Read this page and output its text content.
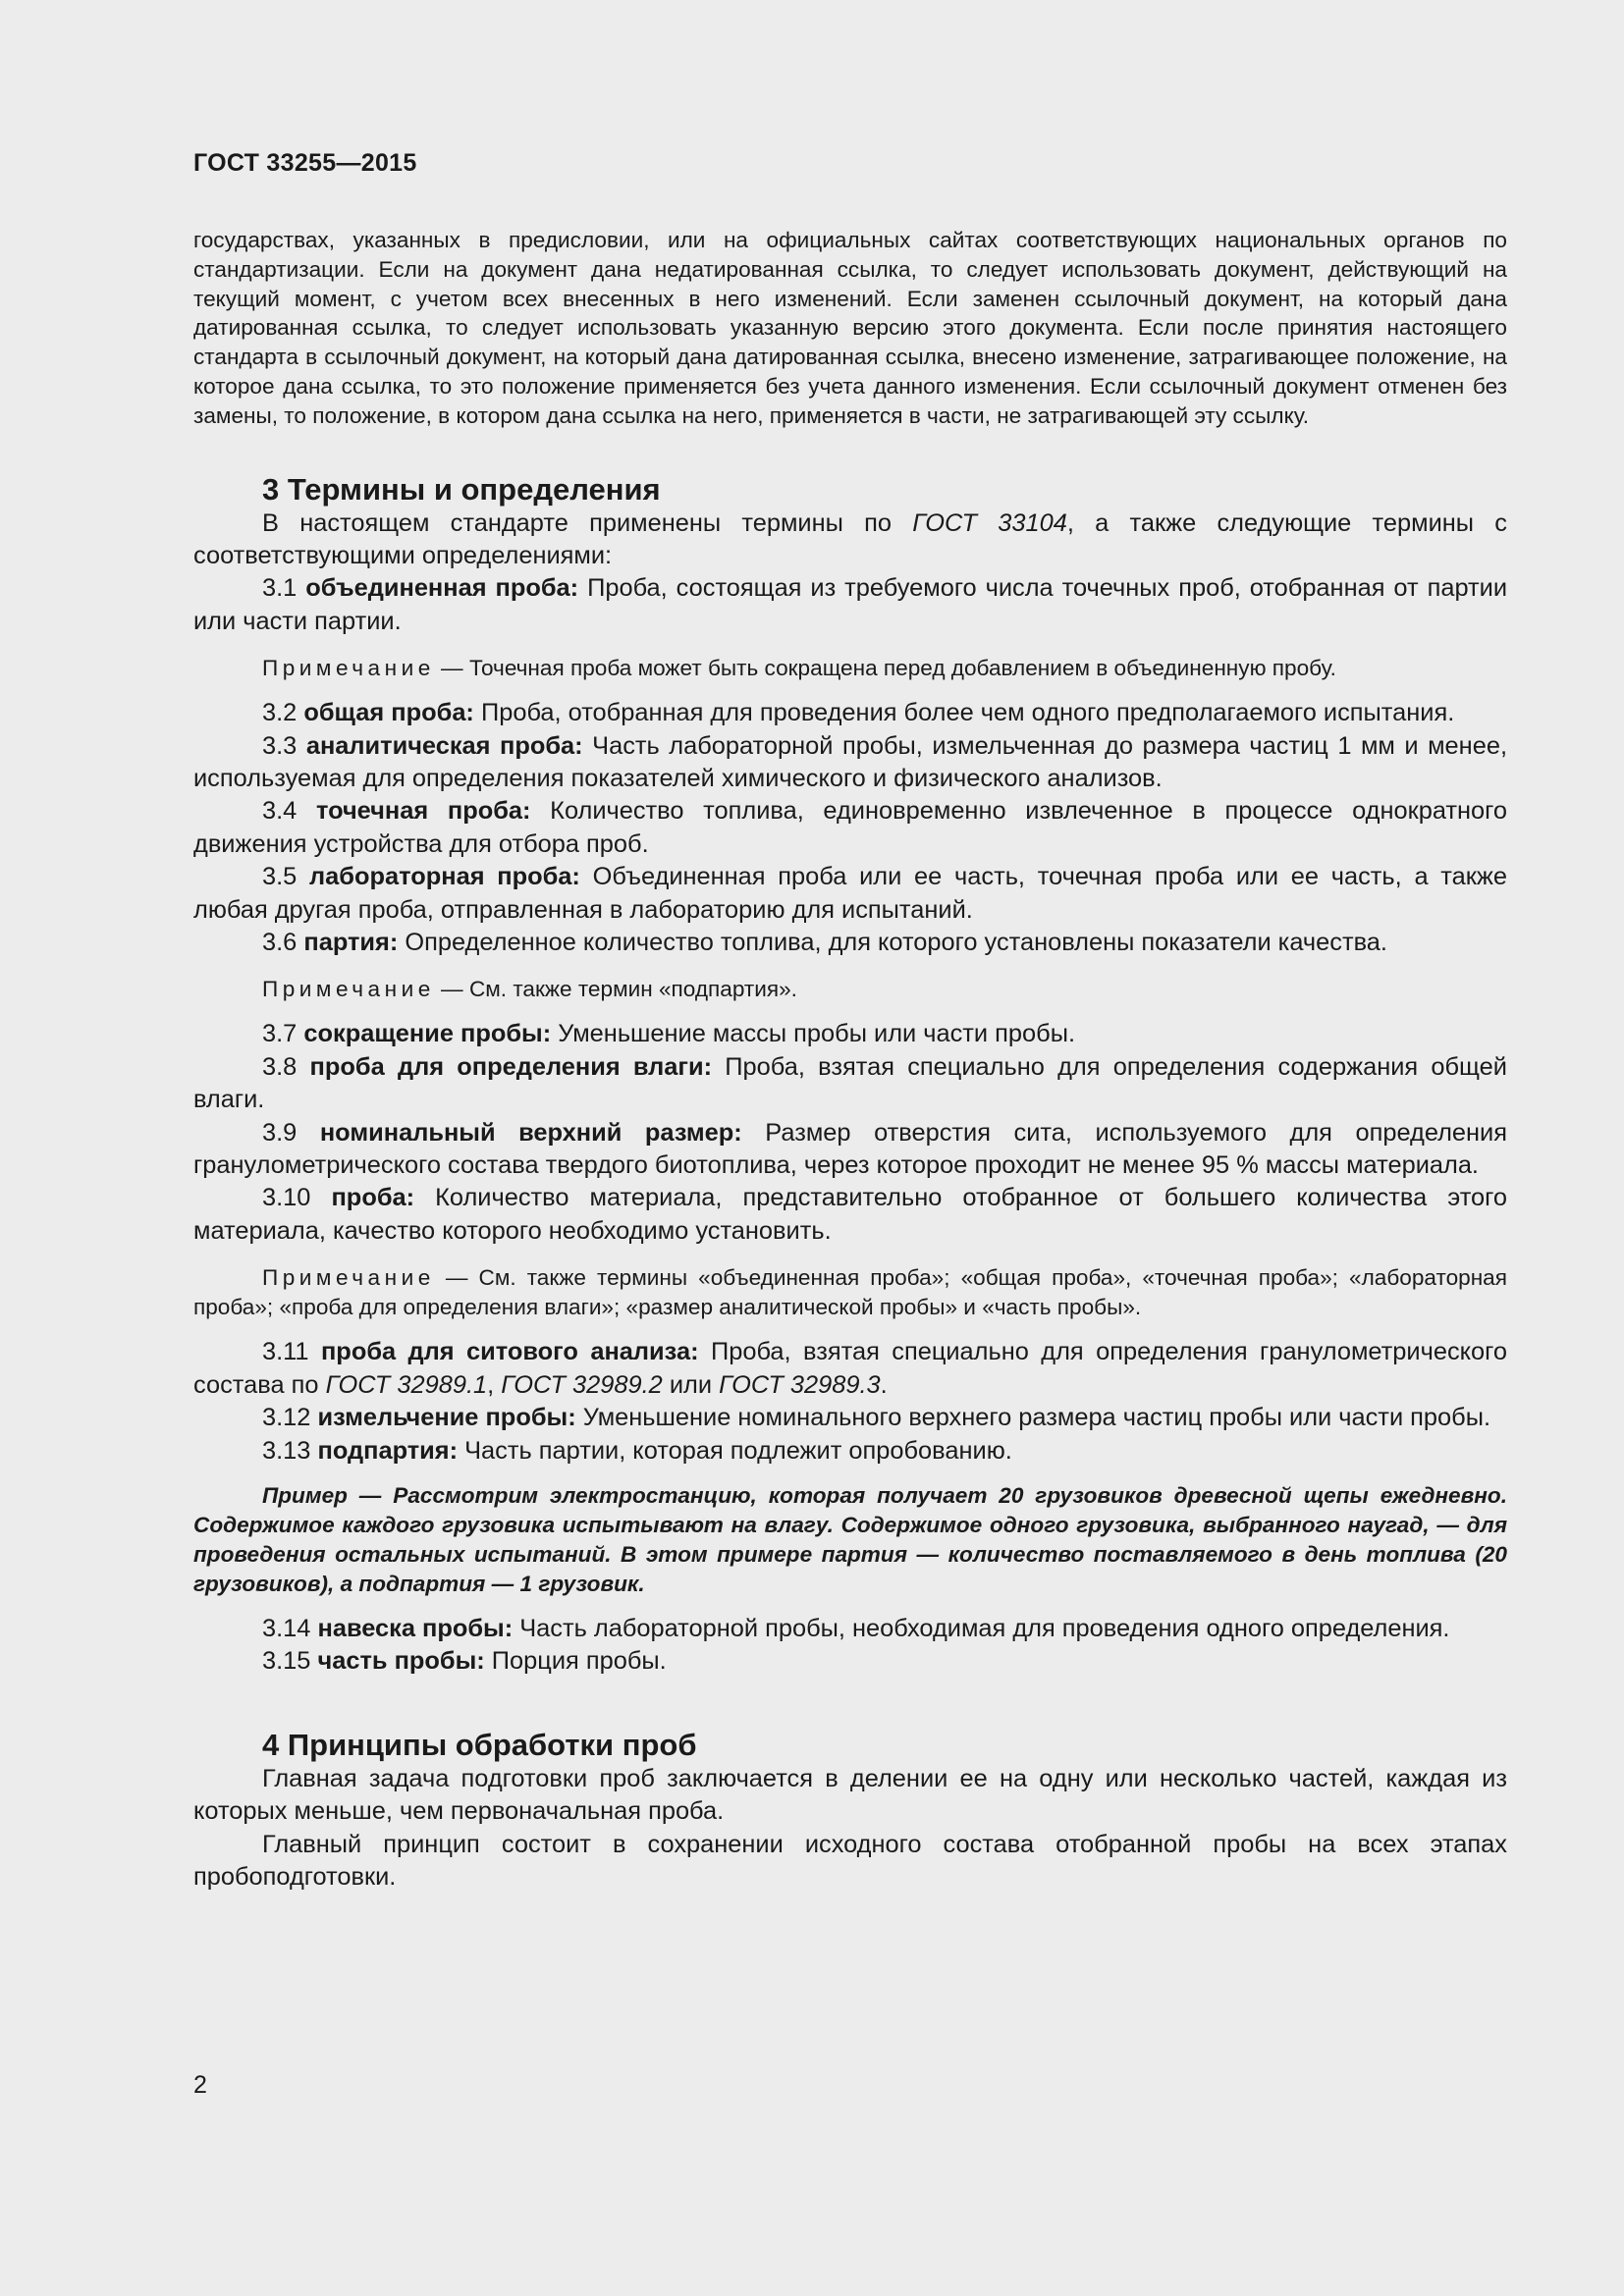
ГОСТ 33255—2015

государствах, указанных в предисловии, или на официальных сайтах соответствующих национальных органов по стандартизации. Если на документ дана недатированная ссылка, то следует использовать документ, действующий на текущий момент, с учетом всех внесенных в него изменений. Если заменен ссылочный документ, на который дана датированная ссылка, то следует использовать указанную версию этого документа. Если после принятия настоящего стандарта в ссылочный документ, на который дана датированная ссылка, внесено изменение, затрагивающее положение, на которое дана ссылка, то это положение применяется без учета данного изменения. Если ссылочный документ отменен без замены, то положение, в котором дана ссылка на него, применяется в части, не затрагивающей эту ссылку.

3 Термины и определения

В настоящем стандарте применены термины по ГОСТ 33104, а также следующие термины с соответствующими определениями:

3.1 объединенная проба: Проба, состоящая из требуемого числа точечных проб, отобранная от партии или части партии.

Примечание — Точечная проба может быть сокращена перед добавлением в объединенную пробу.

3.2 общая проба: Проба, отобранная для проведения более чем одного предполагаемого испытания.

3.3 аналитическая проба: Часть лабораторной пробы, измельченная до размера частиц 1 мм и менее, используемая для определения показателей химического и физического анализов.

3.4 точечная проба: Количество топлива, единовременно извлеченное в процессе однократного движения устройства для отбора проб.

3.5 лабораторная проба: Объединенная проба или ее часть, точечная проба или ее часть, а также любая другая проба, отправленная в лабораторию для испытаний.

3.6 партия: Определенное количество топлива, для которого установлены показатели качества.

Примечание — См. также термин «подпартия».

3.7 сокращение пробы: Уменьшение массы пробы или части пробы.

3.8 проба для определения влаги: Проба, взятая специально для определения содержания общей влаги.

3.9 номинальный верхний размер: Размер отверстия сита, используемого для определения гранулометрического состава твердого биотоплива, через которое проходит не менее 95 % массы материала.

3.10 проба: Количество материала, представительно отобранное от большего количества этого материала, качество которого необходимо установить.

Примечание — См. также термины «объединенная проба»; «общая проба», «точечная проба»; «лабораторная проба»; «проба для определения влаги»; «размер аналитической пробы» и «часть пробы».

3.11 проба для ситового анализа: Проба, взятая специально для определения гранулометрического состава по ГОСТ 32989.1, ГОСТ 32989.2 или ГОСТ 32989.3.

3.12 измельчение пробы: Уменьшение номинального верхнего размера частиц пробы или части пробы.

3.13 подпартия: Часть партии, которая подлежит опробованию.

Пример — Рассмотрим электростанцию, которая получает 20 грузовиков древесной щепы ежедневно. Содержимое каждого грузовика испытывают на влагу. Содержимое одного грузовика, выбранного наугад, — для проведения остальных испытаний. В этом примере партия — количество поставляемого в день топлива (20 грузовиков), а подпартия — 1 грузовик.

3.14 навеска пробы: Часть лабораторной пробы, необходимая для проведения одного определения.

3.15 часть пробы: Порция пробы.

4 Принципы обработки проб

Главная задача подготовки проб заключается в делении ее на одну или несколько частей, каждая из которых меньше, чем первоначальная проба.

Главный принцип состоит в сохранении исходного состава отобранной пробы на всех этапах пробоподготовки.

2
